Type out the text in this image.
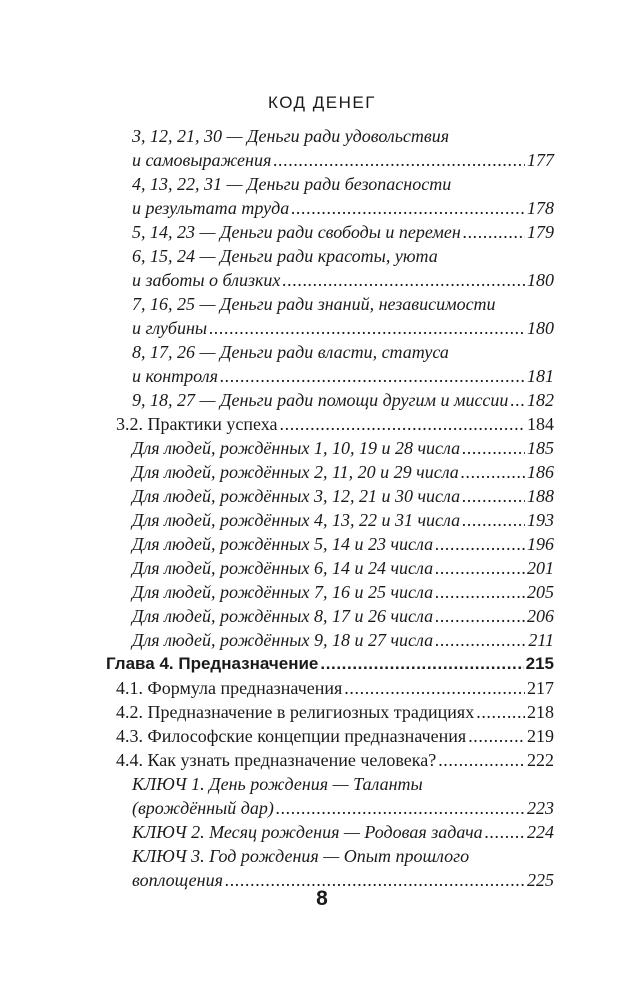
КОД ДЕНЕГ
3, 12, 21, 30 — Деньги ради удовольствия
и самовыражения .....	177
4, 13, 22, 31 — Деньги ради безопасности
и результата труда .....	178
5, 14, 23 — Деньги ради свободы и перемен .....	179
6, 15, 24 — Деньги ради красоты, уюта
и заботы о близких .....	180
7, 16, 25 — Деньги ради знаний, независимости
и глубины .....	180
8, 17, 26 — Деньги ради власти, статуса
и контроля .....	181
9, 18, 27 — Деньги ради помощи другим и миссии ..... 182
3.2. Практики успеха .....	184
Для людей, рождённых 1, 10, 19 и 28 числа .....	185
Для людей, рождённых 2, 11, 20 и 29 числа .....	186
Для людей, рождённых 3, 12, 21 и 30 числа .....	188
Для людей, рождённых 4, 13, 22 и 31 числа .....	193
Для людей, рождённых 5, 14 и 23 числа .....	196
Для людей, рождённых 6, 14 и 24 числа .....	201
Для людей, рождённых 7, 16 и 25 числа .....	205
Для людей, рождённых 8, 17 и 26 числа .....	206
Для людей, рождённых 9, 18 и 27 числа .....	211
Глава 4. Предназначение .....	215
4.1. Формула предназначения .....	217
4.2. Предназначение в религиозных традициях .....	218
4.3. Философские концепции предназначения .....	219
4.4. Как узнать предназначение человека? .....	222
КЛЮЧ 1. День рождения — Таланты
(врождённый дар) .....	223
КЛЮЧ 2. Месяц рождения — Родовая задача ..... 224
КЛЮЧ 3. Год рождения — Опыт прошлого
воплощения .....	225
8
